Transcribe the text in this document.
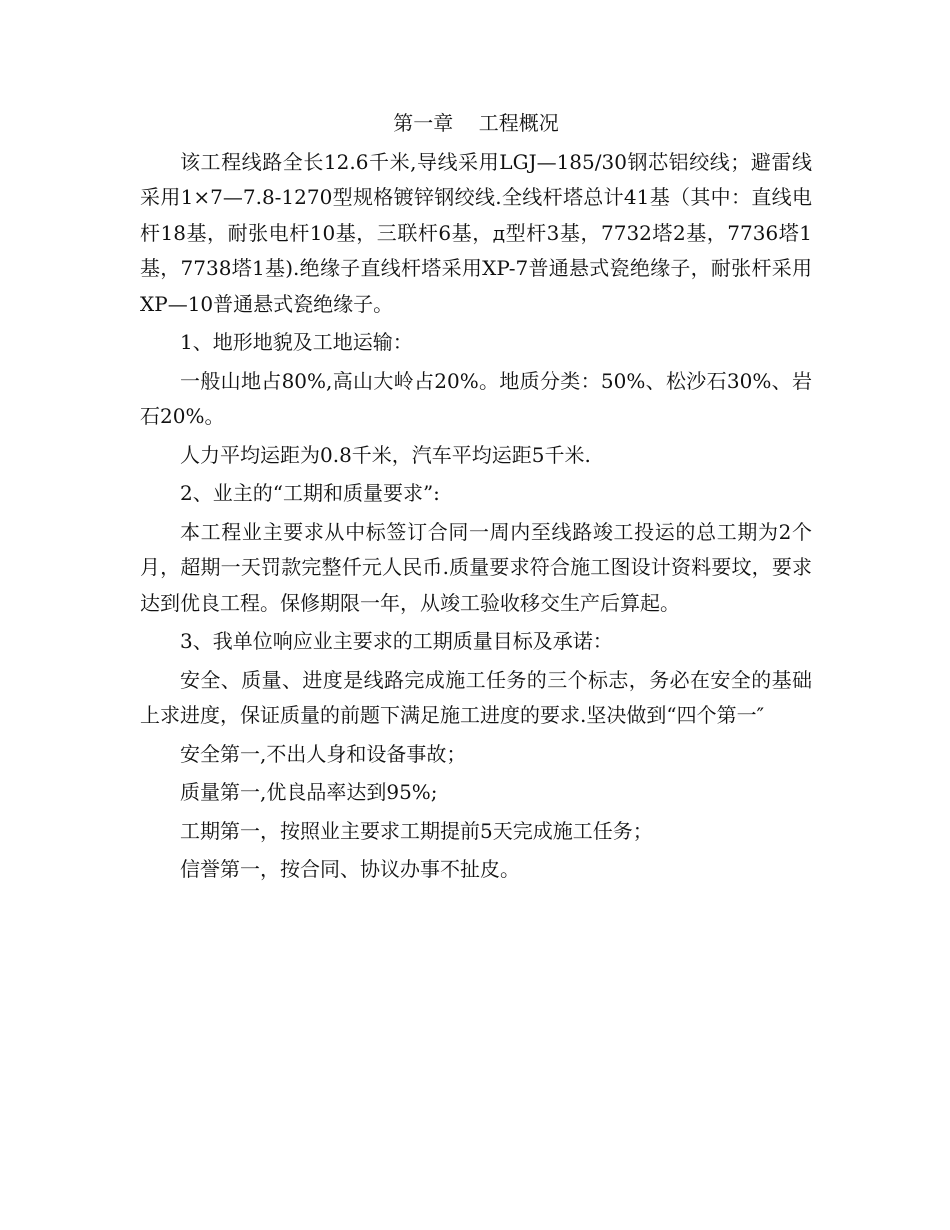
第一章    工程概况

该工程线路全长12.6千米,导线采用LGJ—185/30钢芯铝绞线；避雷线采用1×7—7.8-1270型规格镀锌钢绞线.全线杆塔总计41基（其中：直线电杆18基，耐张电杆10基，三联杆6基，д型杆3基，7732塔2基，7736塔1基，7738塔1基).绝缘子直线杆塔采用XP-7普通悬式瓷绝缘子，耐张杆采用XP—10普通悬式瓷绝缘子。

1、地形地貌及工地运输：

一般山地占80%,高山大岭占20%。地质分类：50%、松沙石30%、岩石20%。

人力平均运距为0.8千米，汽车平均运距5千米.

2、业主的“工期和质量要求”:

本工程业主要求从中标签订合同一周内至线路竣工投运的总工期为2个月，超期一天罚款完整仟元人民币.质量要求符合施工图设计资料要坟，要求达到优良工程。保修期限一年，从竣工验收移交生产后算起。

3、我单位响应业主要求的工期质量目标及承诺：

安全、质量、进度是线路完成施工任务的三个标志，务必在安全的基础上求进度，保证质量的前题下满足施工进度的要求.坚决做到“四个第一″

安全第一,不出人身和设备事故；

质量第一,优良品率达到95%;

工期第一，按照业主要求工期提前5天完成施工任务；

信誉第一，按合同、协议办事不扯皮。
